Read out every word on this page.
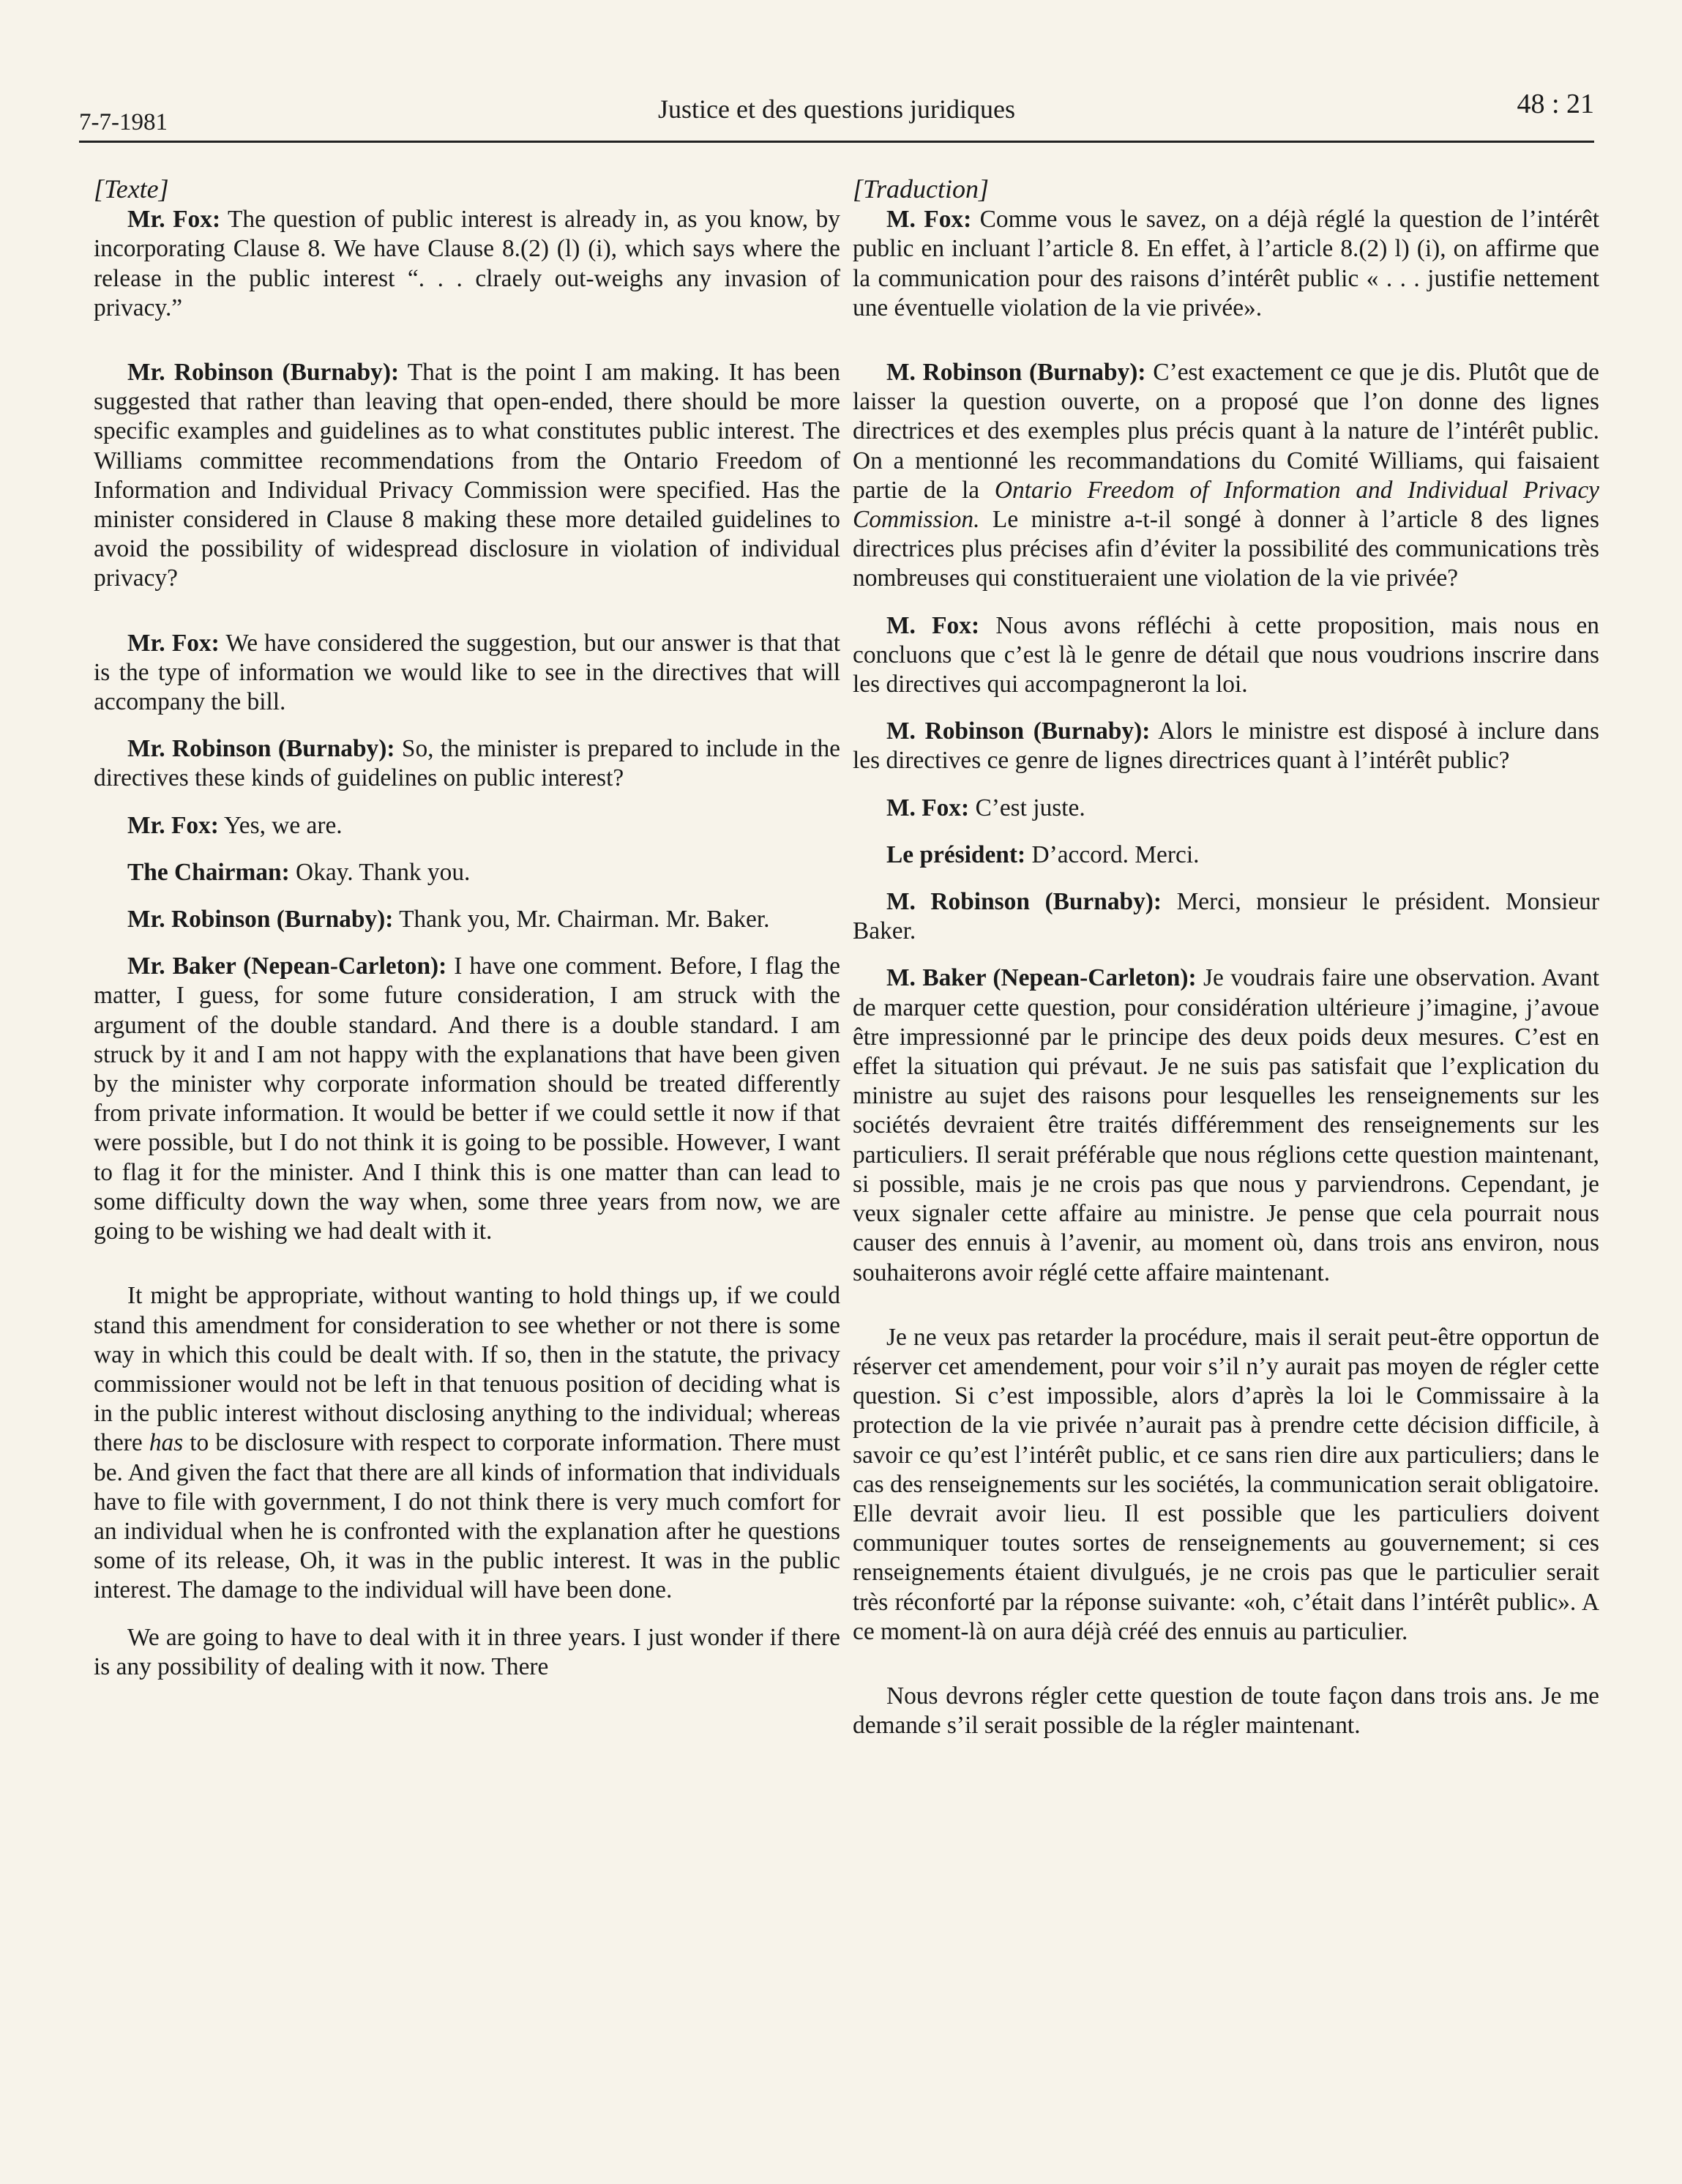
7-7-1981	Justice et des questions juridiques	48 : 21
[Texte]

Mr. Fox: The question of public interest is already in, as you know, by incorporating Clause 8. We have Clause 8.(2) (l) (i), which says where the release in the public interest “. . . clraely out-weighs any invasion of privacy.”

Mr. Robinson (Burnaby): That is the point I am making. It has been suggested that rather than leaving that open-ended, there should be more specific examples and guidelines as to what constitutes public interest. The Williams committee recommendations from the Ontario Freedom of Information and Individual Privacy Commission were specified. Has the minister considered in Clause 8 making these more detailed guidelines to avoid the possibility of widespread disclosure in violation of individual privacy?

Mr. Fox: We have considered the suggestion, but our answer is that that is the type of information we would like to see in the directives that will accompany the bill.

Mr. Robinson (Burnaby): So, the minister is prepared to include in the directives these kinds of guidelines on public interest?

Mr. Fox: Yes, we are.

The Chairman: Okay. Thank you.

Mr. Robinson (Burnaby): Thank you, Mr. Chairman. Mr. Baker.

Mr. Baker (Nepean-Carleton): I have one comment. Before, I flag the matter, I guess, for some future consideration, I am struck with the argument of the double standard. And there is a double standard. I am struck by it and I am not happy with the explanations that have been given by the minister why corporate information should be treated differently from private information. It would be better if we could settle it now if that were possible, but I do not think it is going to be possible. However, I want to flag it for the minister. And I think this is one matter than can lead to some difficulty down the way when, some three years from now, we are going to be wishing we had dealt with it.

It might be appropriate, without wanting to hold things up, if we could stand this amendment for consideration to see whether or not there is some way in which this could be dealt with. If so, then in the statute, the privacy commissioner would not be left in that tenuous position of deciding what is in the public interest without disclosing anything to the individual; whereas there has to be disclosure with respect to corporate information. There must be. And given the fact that there are all kinds of information that individuals have to file with government, I do not think there is very much comfort for an individual when he is confronted with the explanation after he questions some of its release, Oh, it was in the public interest. It was in the public interest. The damage to the individual will have been done.

We are going to have to deal with it in three years. I just wonder if there is any possibility of dealing with it now. There

[Traduction]

M. Fox: Comme vous le savez, on a déjà réglé la question de l’intérêt public en incluant l’article 8. En effet, à l’article 8.(2) l) (i), on affirme que la communication pour des raisons d’intérêt public « . . . justifie nettement une éventuelle violation de la vie privée».

M. Robinson (Burnaby): C’est exactement ce que je dis. Plutôt que de laisser la question ouverte, on a proposé que l’on donne des lignes directrices et des exemples plus précis quant à la nature de l’intérêt public. On a mentionné les recommandations du Comité Williams, qui faisaient partie de la Ontario Freedom of Information and Individual Privacy Commission. Le ministre a-t-il songé à donner à l’article 8 des lignes directrices plus précises afin d’éviter la possibilité des communications très nombreuses qui constitueraient une violation de la vie privée?

M. Fox: Nous avons réfléchi à cette proposition, mais nous en concluons que c’est là le genre de détail que nous voudrions inscrire dans les directives qui accompagneront la loi.

M. Robinson (Burnaby): Alors le ministre est disposé à inclure dans les directives ce genre de lignes directrices quant à l’intérêt public?

M. Fox: C’est juste.

Le président: D’accord. Merci.

M. Robinson (Burnaby): Merci, monsieur le président. Monsieur Baker.

M. Baker (Nepean-Carleton): Je voudrais faire une observation. Avant de marquer cette question, pour considération ultérieure j’imagine, j’avoue être impressionné par le principe des deux poids deux mesures. C’est en effet la situation qui prévaut. Je ne suis pas satisfait que l’explication du ministre au sujet des raisons pour lesquelles les renseignements sur les sociétés devraient être traités différemment des renseignements sur les particuliers. Il serait préférable que nous réglions cette question maintenant, si possible, mais je ne crois pas que nous y parviendrons. Cependant, je veux signaler cette affaire au ministre. Je pense que cela pourrait nous causer des ennuis à l’avenir, au moment où, dans trois ans environ, nous souhaiterons avoir réglé cette affaire maintenant.

Je ne veux pas retarder la procédure, mais il serait peut-être opportun de réserver cet amendement, pour voir s’il n’y aurait pas moyen de régler cette question. Si c’est impossible, alors d’après la loi le Commissaire à la protection de la vie privée n’aurait pas à prendre cette décision difficile, à savoir ce qu’est l’intérêt public, et ce sans rien dire aux particuliers; dans le cas des renseignements sur les sociétés, la communication serait obligatoire. Elle devrait avoir lieu. Il est possible que les particuliers doivent communiquer toutes sortes de renseignements au gouvernement; si ces renseignements étaient divulgués, je ne crois pas que le particulier serait très réconforté par la réponse suivante: «oh, c’était dans l’intérêt public». A ce moment-là on aura déjà créé des ennuis au particulier.

Nous devrons régler cette question de toute façon dans trois ans. Je me demande s’il serait possible de la régler maintenant.
